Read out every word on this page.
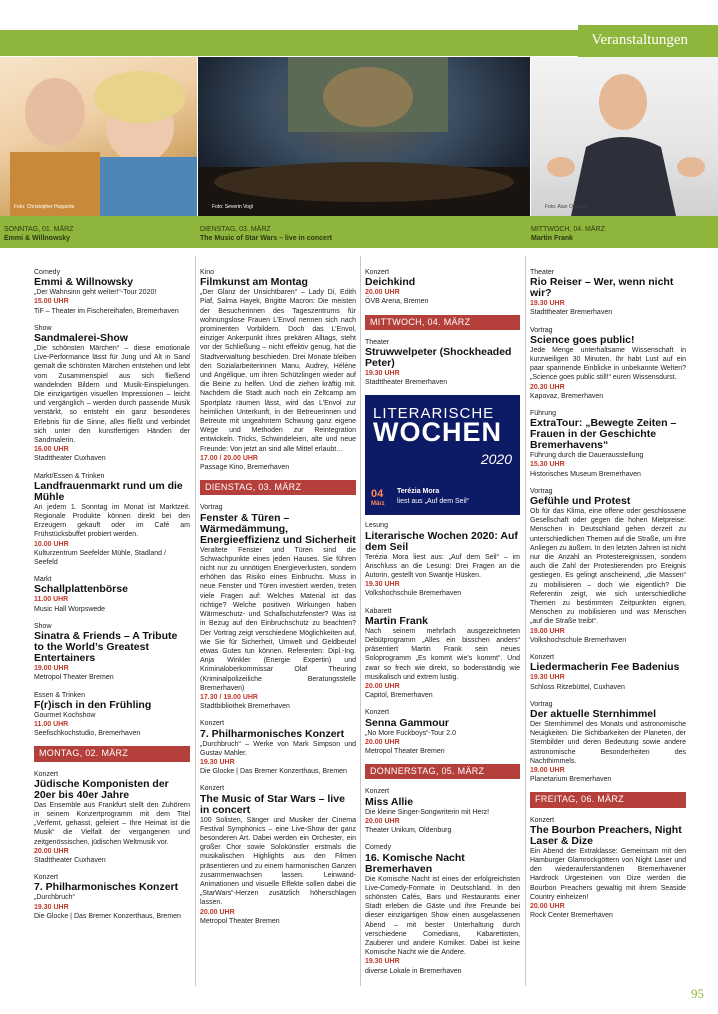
Veranstaltungen
Foto: Christopher Hupperts	Foto: Severin Vogl	Foto: Alan Ovaska
SONNTAG, 01. MÄRZ
Emmi & Willnowsky
DIENSTAG, 03. MÄRZ
The Music of Star Wars – live in concert
MITTWOCH, 04. MÄRZ
Martin Frank
Comedy
Emmi & Willnowsky
„Der Wahnsinn geht weiter!“-Tour 2020!
15.00 UHR
TiF – Theater im Fischereihafen, Bremerhaven
Show
Sandmalerei-Show
„Die schönsten Märchen“ – diese emotionale Live-Performance lässt für Jung und Alt in Sand gemalt die schönsten Märchen entstehen und lebt vom Zusammenspiel aus sich fließend wandelnden Bildern und Musik-Einspielungen. Die einzigartigen visuellen Impressionen – leicht und vergänglich – werden durch passende Musik verstärkt, so entsteht ein ganz besonderes Erlebnis für die Sinne, alles fließt und verbindet sich unter den kunstfertigen Händen der Sandmalerin.
16.00 UHR
Stadttheater Cuxhaven
Markt/Essen & Trinken
Landfrauenmarkt rund um die Mühle
An jedem 1. Sonntag im Monat ist Marktzeit. Regionale Produkte können direkt bei den Erzeugern gekauft oder im Café am Frühstücksbuffet probiert werden.
10.00 UHR
Kulturzentrum Seefelder Mühle, Stadland / Seefeld
Markt
Schallplattenbörse
11.00 UHR
Music Hall Worpswede
Show
Sinatra & Friends – A Tribute to the World’s Greatest Entertainers
19.00 UHR
Metropol Theater Bremen
Essen & Trinken
F(r)isch in den Frühling
Gourmet Kochshow
11.00 UHR
Seefischkochstudio, Bremerhaven
MONTAG, 02. MÄRZ
Konzert
Jüdische Komponisten der 20er bis 40er Jahre
Das Ensemble aus Frankfurt stellt den Zuhörern in seinem Konzertprogramm mit dem Titel „Verfemt, gehasst, gefeiert – Ihre Heimat ist die Musik“ die Vielfalt der vergangenen und zeitgenössischen, jüdischen Weltmusik vor.
20.00 UHR
Stadttheater Cuxhaven
Konzert
7. Philharmonisches Konzert
„Durchbruch“
19.30 UHR
Die Glocke | Das Bremer Konzerthaus, Bremen
Kino
Filmkunst am Montag
„Der Glanz der Unsichtbaren“ – Lady Di, Edith Piaf, Salma Hayek, Brigitte Macron: Die meisten der Besucherinnen des Tageszentrums für wohnungslose Frauen L’Envol nennen sich nach prominenten Vorbildern. Doch das L’Envol, einziger Ankerpunkt ihres prekären Alltags, steht vor der Schließung – nicht effektiv genug, hat die Stadtverwaltung beschieden. Drei Monate bleiben den Sozialarbeiterinnen Manu, Audrey, Hélène und Angélique, um ihren Schützlingen wieder auf die Beine zu helfen. Und die ziehen kräftig mit. Nachdem die Stadt auch noch ein Zeltcamp am Sportplatz räumen lässt, wird das L’Envol zur heimlichen Unterkunft, in der Betreuerinnen und Betreute mit ungeahntem Schwung ganz eigene Wege und Methoden zur Reintegration entwickeln. Tricks, Schwindeleien, alte und neue Freunde: Von jetzt an sind alle Mittel erlaubt…
17.00 / 20.00 UHR
Passage Kino, Bremerhaven
DIENSTAG, 03. MÄRZ
Vortrag
Fenster & Türen – Wärmedämmung, Energieeffizienz und Sicherheit
Veraltete Fenster und Türen sind die Schwachpunkte eines jeden Hauses. Sie führen nicht nur zu unnötigen Energieverlusten, sondern erhöhen das Risiko eines Einbruchs. Muss in neue Fenster und Türen investiert werden, treten viele Fragen auf: Welches Material ist das richtige? Welche positiven Wirkungen haben Wärmeschutz- und Schallschutzfenster? Was ist in Bezug auf den Einbruchschutz zu beachten? Der Vortrag zeigt verschiedene Möglichkeiten auf, wie Sie für Sicherheit, Umwelt und Geldbeutel etwas Gutes tun können. Referenten: Dipl.-Ing. Anja Winkler (Energie Expertin) und Kriminaloberkommissar Olaf Theuring (Kriminalpolizeiliche Beratungsstelle Bremerhaven)
17.30 / 19.00 UHR
Stadtbibliothek Bremerhaven
Konzert
7. Philharmonisches Konzert
„Durchbruch“ – Werke von Mark Simpson und Gustav Mahler.
19.30 UHR
Die Glocke | Das Bremer Konzerthaus, Bremen
Konzert
The Music of Star Wars – live in concert
100 Solisten, Sänger und Musiker der Cinema Festival Symphonics – eine Live-Show der ganz besonderen Art. Dabei werden ein Orchester, ein großer Chor sowie Solokünstler erstmals die musikalischen Highlights aus den Filmen präsentieren und zu einem harmonischen Ganzen zusammenwachsen lassen. Leinwand-Animationen und visuelle Effekte sollen dabei die „StarWars“-Herzen zusätzlich höherschlagen lassen.
20.00 UHR
Metropol Theater Bremen
Konzert
Deichkind
20.00 UHR
ÖVB Arena, Bremen
MITTWOCH, 04. MÄRZ
Theater
Struwwelpeter (Shockheaded Peter)
19.30 UHR
Stadttheater Bremerhaven
LITERARISCHE
WOCHEN
2020
04
März
Terézia Mora
liest aus „Auf dem Seil“
Lesung
Literarische Wochen 2020: Auf dem Seil
Terézia Mora liest aus: „Auf dem Seil“ – im Anschluss an die Lesung: Drei Fragen an die Autorin, gestellt von Swantje Hüsken.
19.30 UHR
Volkshochschule Bremerhaven
Kabarett
Martin Frank
Nach seinem mehrfach ausgezeichneten Debütprogramm „Alles ein bisschen anders“ präsentiert Martin Frank sein neues Soloprogramm „Es kommt wie’s kommt“. Und zwar so frech wie direkt, so bodenständig wie musikalisch und extrem lustig.
20.00 UHR
Capitol, Bremerhaven
Konzert
Senna Gammour
„No More Fuckboys“-Tour 2.0
20.00 UHR
Metropol Theater Bremen
DONNERSTAG, 05. MÄRZ
Konzert
Miss Allie
Die kleine Singer-Songwriterin mit Herz!
20.00 UHR
Theater Unikum, Oldenburg
Comedy
16. Komische Nacht Bremerhaven
Die Komische Nacht ist eines der erfolgreichsten Live-Comedy-Formate in Deutschland. In den schönsten Cafés, Bars und Restaurants einer Stadt erleben die Gäste und ihre Freunde bei dieser einzigartigen Show einen ausgelassenen Abend – mit bester Unterhaltung durch verschiedene Comedians, Kabarettisten, Zauberer und andere Komiker. Dabei ist keine Komische Nacht wie die Andere.
19.30 UHR
diverse Lokale in Bremerhaven
Theater
Rio Reiser – Wer, wenn nicht wir?
19.30 UHR
Stadttheater Bremerhaven
Vortrag
Science goes public!
Jede Menge unterhaltsame Wissenschaft in kurzweiligen 30 Minuten. Ihr habt Lust auf ein paar spannende Einblicke in unbekannte Welten? „Science goes public still!“ euren Wissensdurst.
20.30 UHR
Kapovaz, Bremerhaven
Führung
ExtraTour: „Bewegte Zeiten – Frauen in der Geschichte Bremerhavens“
Führung durch die Dauerausstellung
15.30 UHR
Historisches Museum Bremerhaven
Vortrag
Gefühle und Protest
Ob für das Klima, eine offene oder geschlossene Gesellschaft oder gegen die hohen Mietpreise: Menschen in Deutschland gehen derzeit zu unterschiedlichen Themen auf die Straße, um ihre Anliegen zu äußern. In den letzten Jahren ist nicht nur die Anzahl an Protestereignissen, sondern auch die Zahl der Protestierenden pro Ereignis gestiegen. Es gelingt anscheinend, „die Massen“ zu mobilisieren – doch wie eigentlich? Die Referentin zeigt, wie sich unterschiedliche Themen zu bestimmten Zeitpunkten eignen, Menschen zu mobilisieren und was Menschen „auf die Straße treibt“.
19.00 UHR
Volkshochschule Bremerhaven
Konzert
Liedermacherin Fee Badenius
19.30 UHR
Schloss Ritzebüttel, Cuxhaven
Vortrag
Der aktuelle Sternhimmel
Der Sternhimmel des Monats und astronomische Neuigkeiten. Die Sichtbarkeiten der Planeten, der Sternbilder und deren Bedeutung sowie andere astronomische Besonderheiten des Nachthimmels.
19.00 UHR
Planetarium Bremerhaven
FREITAG, 06. MÄRZ
Konzert
The Bourbon Preachers, Night Laser & Dize
Ein Abend der Extraklasse: Gemeinsam mit den Hamburger Glamrockgöttern von Night Laser und den wiederauferstandenen Bremerhavener Hardrock Urgesteinen von Dize werden die Bourbon Preachers gewaltig mit ihrem Seaside Country einheizen!
20.00 UHR
Rock Center Bremerhaven
95
